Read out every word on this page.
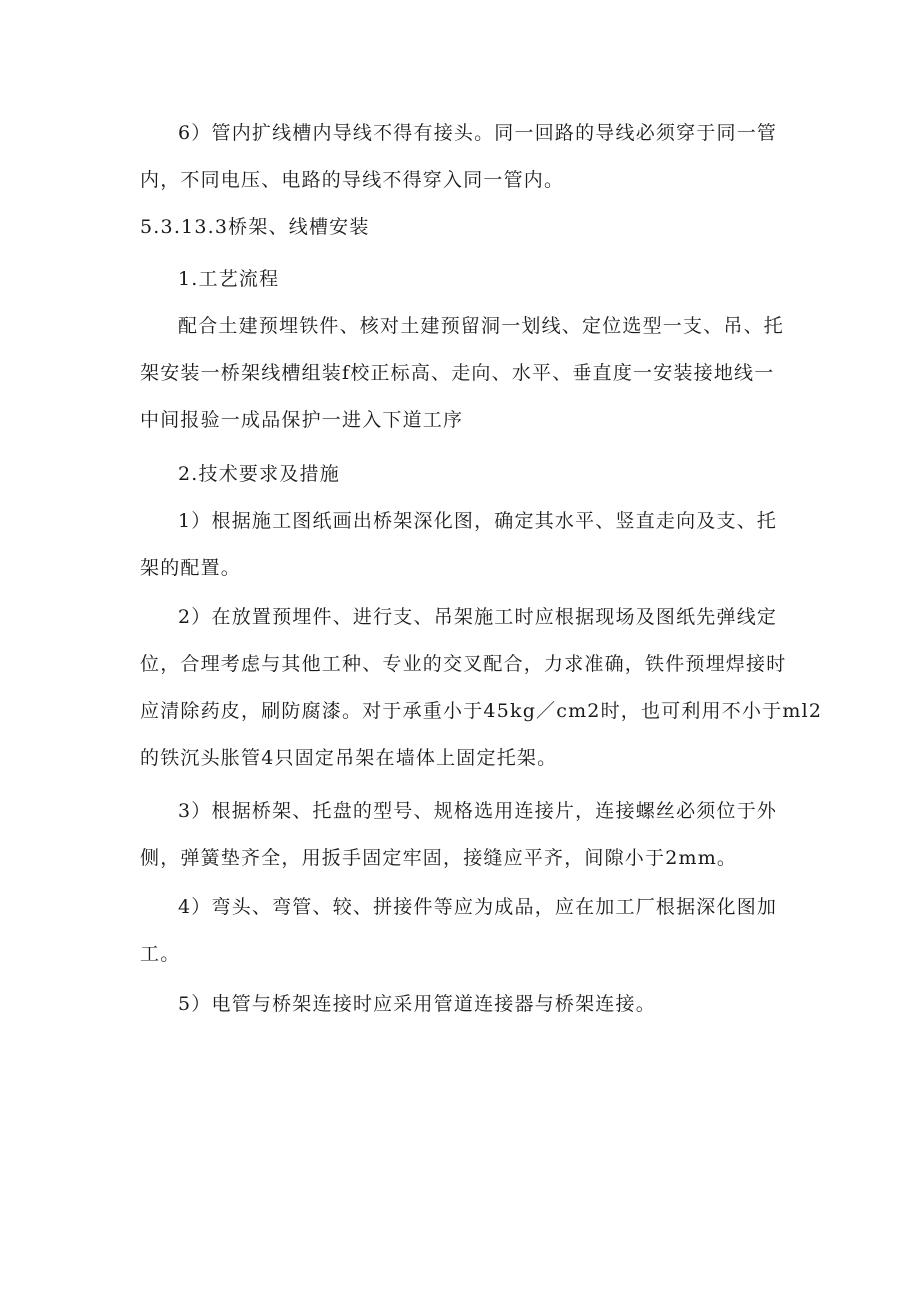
6）管内扩线槽内导线不得有接头。同一回路的导线必须穿于同一管
内，不同电压、电路的导线不得穿入同一管内。

5.3.13.3桥架、线槽安装

1.工艺流程

配合土建预埋铁件、核对土建预留洞一划线、定位选型一支、吊、托
架安装一桥架线槽组装f校正标高、走向、水平、垂直度一安装接地线一
中间报验一成品保护一进入下道工序

2.技术要求及措施

1）根据施工图纸画出桥架深化图，确定其水平、竖直走向及支、托
架的配置。

2）在放置预埋件、进行支、吊架施工时应根据现场及图纸先弹线定
位，合理考虑与其他工种、专业的交叉配合，力求准确，铁件预埋焊接时
应清除药皮，刷防腐漆。对于承重小于45kg／cm2时，也可利用不小于ml2
的铁沉头胀管4只固定吊架在墙体上固定托架。

3）根据桥架、托盘的型号、规格选用连接片，连接螺丝必须位于外
侧，弹簧垫齐全，用扳手固定牢固，接缝应平齐，间隙小于2mm。

4）弯头、弯管、较、拼接件等应为成品，应在加工厂根据深化图加
工。

5）电管与桥架连接时应采用管道连接器与桥架连接。
